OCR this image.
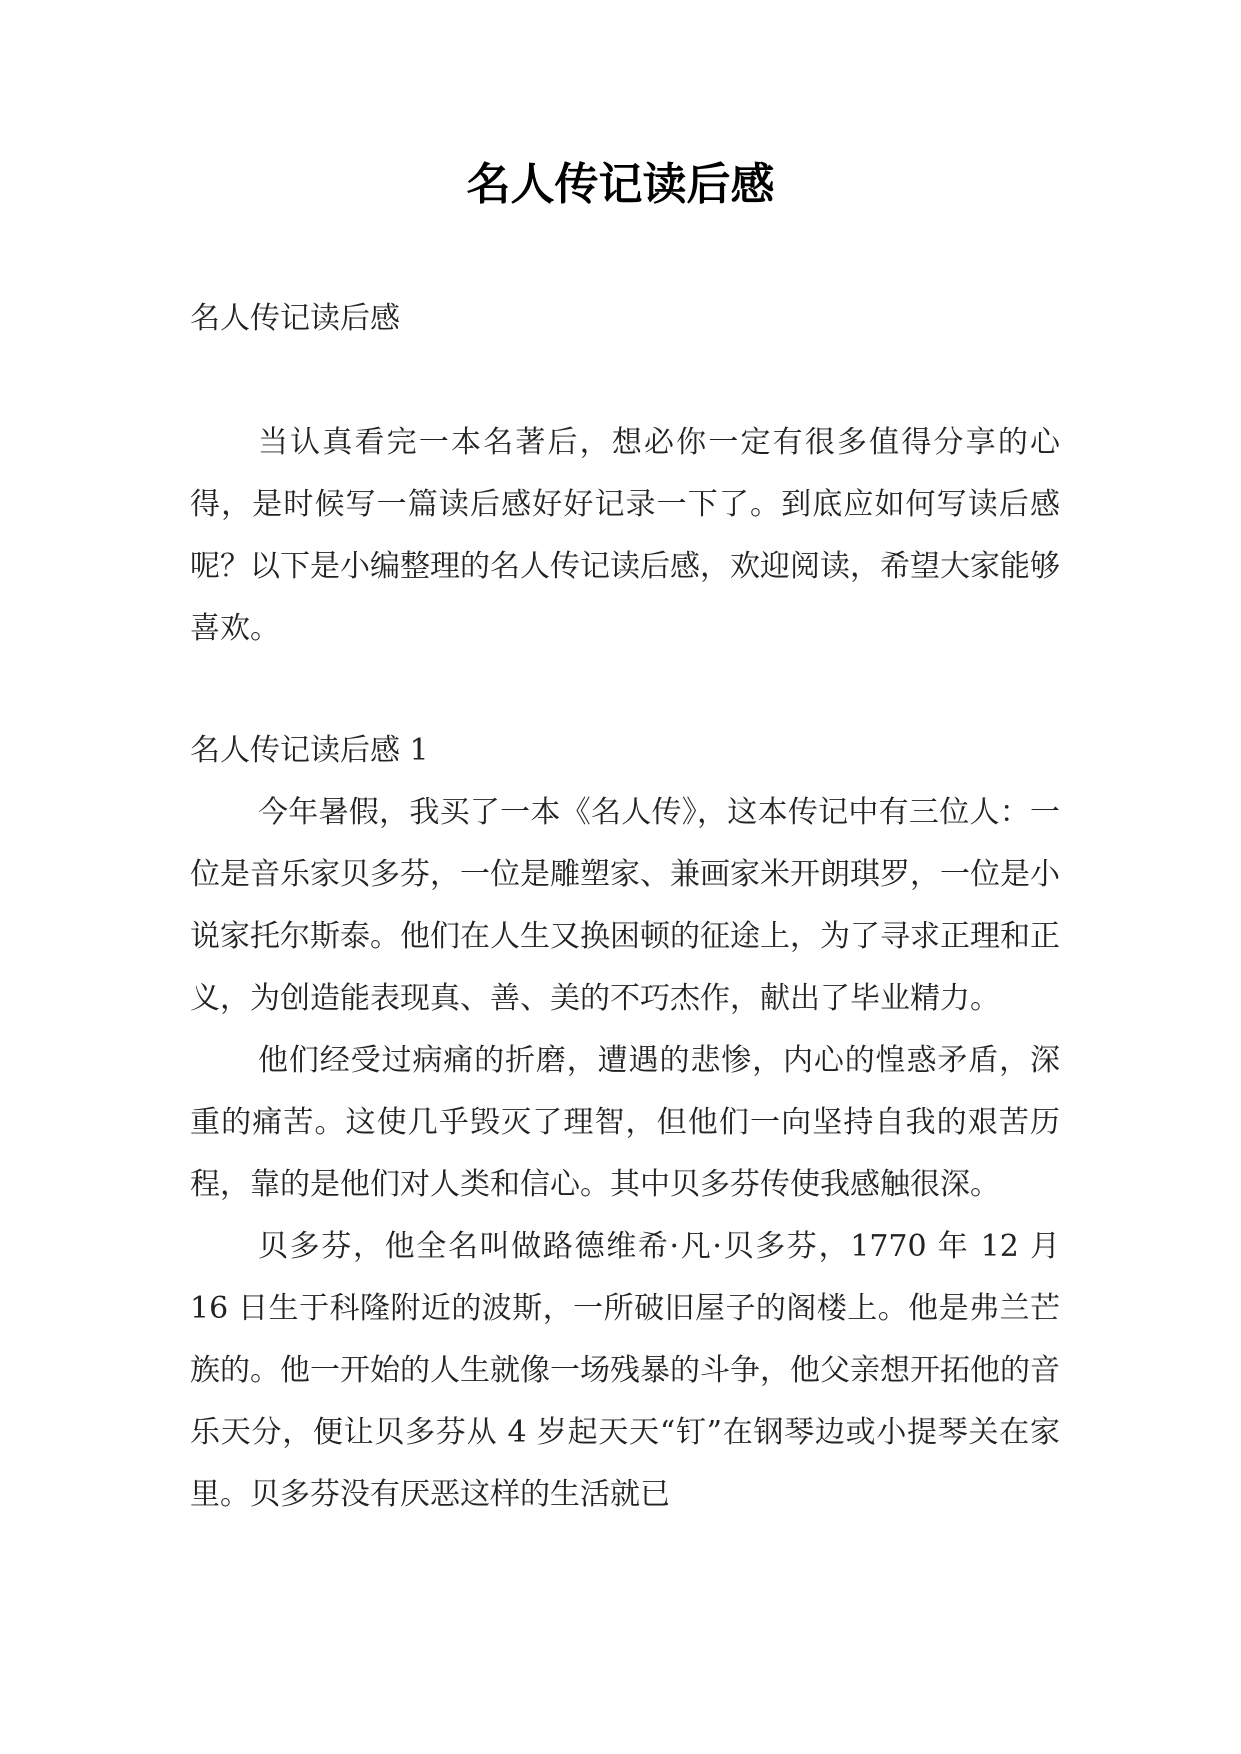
名人传记读后感

名人传记读后感

当认真看完一本名著后，想必你一定有很多值得分享的心得，是时候写一篇读后感好好记录一下了。到底应如何写读后感呢？以下是小编整理的名人传记读后感，欢迎阅读，希望大家能够喜欢。

名人传记读后感 1

今年暑假，我买了一本《名人传》，这本传记中有三位人：一位是音乐家贝多芬，一位是雕塑家、兼画家米开朗琪罗，一位是小说家托尔斯泰。他们在人生又换困顿的征途上，为了寻求正理和正义，为创造能表现真、善、美的不巧杰作，献出了毕业精力。

他们经受过病痛的折磨，遭遇的悲惨，内心的惶惑矛盾，深重的痛苦。这使几乎毁灭了理智，但他们一向坚持自我的艰苦历程，靠的是他们对人类和信心。其中贝多芬传使我感触很深。

贝多芬，他全名叫做路德维希·凡·贝多芬，1770 年 12 月 16 日生于科隆附近的波斯，一所破旧屋子的阁楼上。他是弗兰芒族的。他一开始的人生就像一场残暴的斗争，他父亲想开拓他的音乐天分，便让贝多芬从 4 岁起天天“钉”在钢琴边或小提琴关在家里。贝多芬没有厌恶这样的生活就已
